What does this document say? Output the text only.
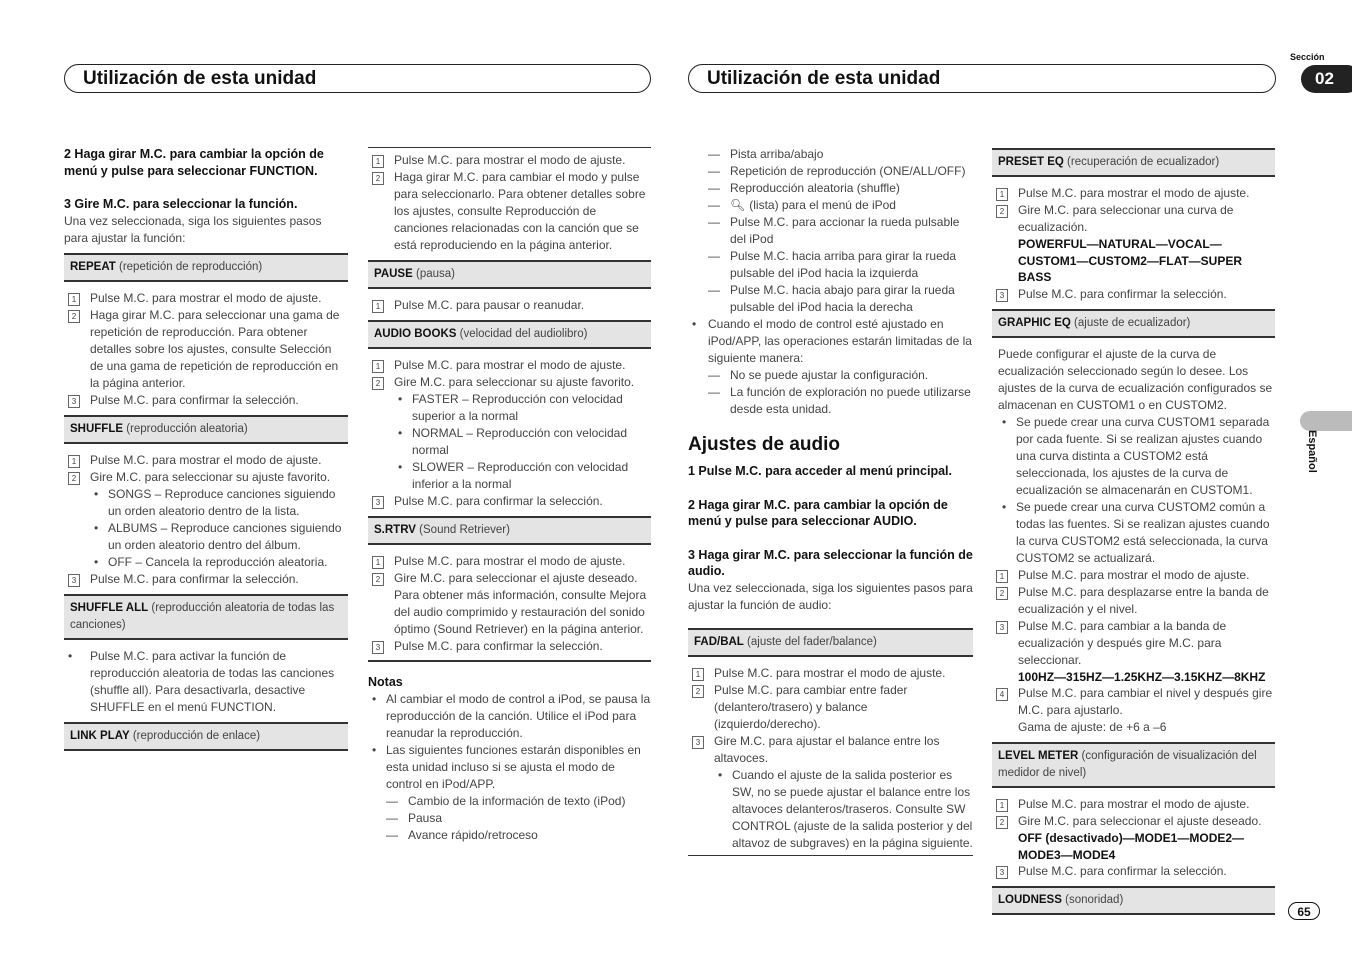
Utilización de esta unidad	Utilización de esta unidad
Sección
02
Español
65

2 Haga girar M.C. para cambiar la opción de menú y pulse para seleccionar FUNCTION.

3 Gire M.C. para seleccionar la función.

Una vez seleccionada, siga los siguientes pasos para ajustar la función:

REPEAT (repetición de reproducción)
1	Pulse M.C. para mostrar el modo de ajuste.
2	Haga girar M.C. para seleccionar una gama de repetición de reproducción. Para obtener detalles sobre los ajustes, consulte Selección de una gama de repetición de reproducción en la página anterior.
3	Pulse M.C. para confirmar la selección.
SHUFFLE (reproducción aleatoria)
1	Pulse M.C. para mostrar el modo de ajuste.
2	Gire M.C. para seleccionar su ajuste favorito.
• SONGS – Reproduce canciones siguiendo un orden aleatorio dentro de la lista.
• ALBUMS – Reproduce canciones siguiendo un orden aleatorio dentro del álbum.
• OFF – Cancela la reproducción aleatoria.
3	Pulse M.C. para confirmar la selección.
SHUFFLE ALL (reproducción aleatoria de todas las canciones)
•	Pulse M.C. para activar la función de reproducción aleatoria de todas las canciones (shuffle all). Para desactivarla, desactive SHUFFLE en el menú FUNCTION.
LINK PLAY (reproducción de enlace)
1	Pulse M.C. para mostrar el modo de ajuste.
2	Haga girar M.C. para cambiar el modo y pulse para seleccionarlo. Para obtener detalles sobre los ajustes, consulte Reproducción de canciones relacionadas con la canción que se está reproduciendo en la página anterior.
PAUSE (pausa)
1	Pulse M.C. para pausar o reanudar.
AUDIO BOOKS (velocidad del audiolibro)
1	Pulse M.C. para mostrar el modo de ajuste.
2	Gire M.C. para seleccionar su ajuste favorito.
• FASTER – Reproducción con velocidad superior a la normal
• NORMAL – Reproducción con velocidad normal
• SLOWER – Reproducción con velocidad inferior a la normal
3	Pulse M.C. para confirmar la selección.
S.RTRV (Sound Retriever)
1	Pulse M.C. para mostrar el modo de ajuste.
2	Gire M.C. para seleccionar el ajuste deseado. Para obtener más información, consulte Mejora del audio comprimido y restauración del sonido óptimo (Sound Retriever) en la página anterior.
3	Pulse M.C. para confirmar la selección.

Notas

• Al cambiar el modo de control a iPod, se pausa la reproducción de la canción. Utilice el iPod para reanudar la reproducción.
• Las siguientes funciones estarán disponibles en esta unidad incluso si se ajusta el modo de control en iPod/APP.
— Cambio de la información de texto (iPod)
— Pausa
— Avance rápido/retroceso
— Pista arriba/abajo
— Repetición de reproducción (ONE/ALL/OFF)
— Reproducción aleatoria (shuffle)
— 🔍︎ (lista) para el menú de iPod
— Pulse M.C. para accionar la rueda pulsable del iPod
— Pulse M.C. hacia arriba para girar la rueda pulsable del iPod hacia la izquierda
— Pulse M.C. hacia abajo para girar la rueda pulsable del iPod hacia la derecha
• Cuando el modo de control esté ajustado en iPod/APP, las operaciones estarán limitadas de la siguiente manera:
— No se puede ajustar la configuración.
— La función de exploración no puede utilizarse desde esta unidad.
Ajustes de audio

1 Pulse M.C. para acceder al menú principal.

2 Haga girar M.C. para cambiar la opción de menú y pulse para seleccionar AUDIO.

3 Haga girar M.C. para seleccionar la función de audio.

Una vez seleccionada, siga los siguientes pasos para ajustar la función de audio:

FAD/BAL (ajuste del fader/balance)
1	Pulse M.C. para mostrar el modo de ajuste.
2	Pulse M.C. para cambiar entre fader (delantero/trasero) y balance (izquierdo/derecho).
3	Gire M.C. para ajustar el balance entre los altavoces.
• Cuando el ajuste de la salida posterior es SW, no se puede ajustar el balance entre los altavoces delanteros/traseros. Consulte SW CONTROL (ajuste de la salida posterior y del altavoz de subgraves) en la página siguiente.
PRESET EQ (recuperación de ecualizador)
1	Pulse M.C. para mostrar el modo de ajuste.
2	Gire M.C. para seleccionar una curva de ecualización.

POWERFUL—NATURAL—VOCAL—CUSTOM1—CUSTOM2—FLAT—SUPER BASS

3	Pulse M.C. para confirmar la selección.
GRAPHIC EQ (ajuste de ecualizador)

Puede configurar el ajuste de la curva de ecualización seleccionado según lo desee. Los ajustes de la curva de ecualización configurados se almacenan en CUSTOM1 o en CUSTOM2.

• Se puede crear una curva CUSTOM1 separada por cada fuente. Si se realizan ajustes cuando una curva distinta a CUSTOM2 está seleccionada, los ajustes de la curva de ecualización se almacenarán en CUSTOM1.
• Se puede crear una curva CUSTOM2 común a todas las fuentes. Si se realizan ajustes cuando la curva CUSTOM2 está seleccionada, la curva CUSTOM2 se actualizará.
1	Pulse M.C. para mostrar el modo de ajuste.
2	Pulse M.C. para desplazarse entre la banda de ecualización y el nivel.
3	Pulse M.C. para cambiar a la banda de ecualización y después gire M.C. para seleccionar.

100HZ—315HZ—1.25KHZ—3.15KHZ—8KHZ

4	Pulse M.C. para cambiar el nivel y después gire M.C. para ajustarlo.

Gama de ajuste: de +6 a –6

LEVEL METER (configuración de visualización del medidor de nivel)
1	Pulse M.C. para mostrar el modo de ajuste.
2	Gire M.C. para seleccionar el ajuste deseado.

OFF (desactivado)—MODE1—MODE2—MODE3—MODE4

3	Pulse M.C. para confirmar la selección.
LOUDNESS (sonoridad)
